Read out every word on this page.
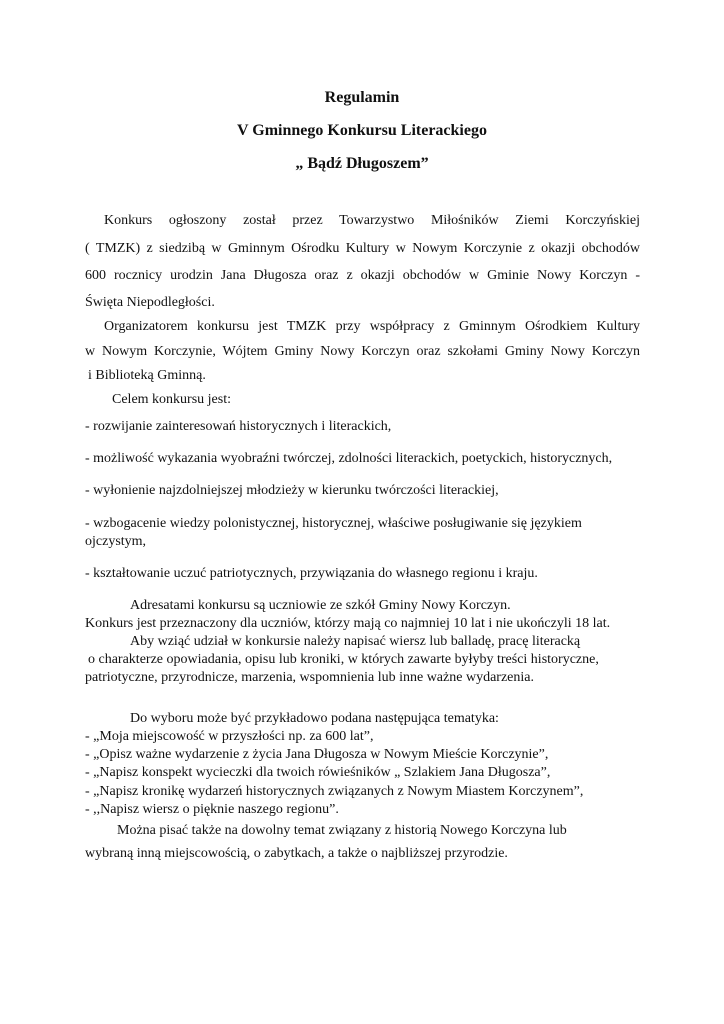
Regulamin
V Gminnego Konkursu Literackiego
„ Bądź Długoszem”
Konkurs ogłoszony został przez Towarzystwo Miłośników Ziemi Korczyńskiej
( TMZK) z siedzibą w Gminnym Ośrodku Kultury w Nowym Korczynie z okazji obchodów
600 rocznicy urodzin Jana Długosza oraz z okazji obchodów w Gminie Nowy Korczyn -
Święta Niepodległości.
Organizatorem konkursu jest TMZK przy współpracy z Gminnym Ośrodkiem Kultury
w Nowym Korczynie, Wójtem Gminy Nowy Korczyn oraz szkołami Gminy Nowy Korczyn
i Biblioteką Gminną.
Celem konkursu jest:
- rozwijanie zainteresowań historycznych i literackich,
- możliwość wykazania wyobraźni twórczej, zdolności literackich, poetyckich, historycznych,
- wyłonienie najzdolniejszej młodzieży w kierunku twórczości literackiej,
- wzbogacenie wiedzy polonistycznej, historycznej, właściwe posługiwanie się językiem
ojczystym,
- kształtowanie uczuć patriotycznych, przywiązania do własnego regionu i kraju.
Adresatami konkursu są uczniowie ze szkół Gminy Nowy Korczyn.
Konkurs jest przeznaczony dla uczniów, którzy mają co najmniej 10 lat i nie ukończyli 18 lat.
Aby wziąć udział w konkursie należy napisać wiersz lub balladę, pracę literacką
o charakterze opowiadania, opisu lub kroniki, w których zawarte byłyby treści historyczne,
patriotyczne, przyrodnicze, marzenia, wspomnienia lub inne ważne wydarzenia.
Do wyboru może być przykładowo podana następująca tematyka:
- „Moja miejscowość w przyszłości np. za 600 lat”,
- „Opisz ważne wydarzenie z życia Jana Długosza w Nowym Mieście Korczynie”,
- „Napisz konspekt wycieczki dla twoich rówieśników „ Szlakiem Jana Długosza”,
- „Napisz kronikę wydarzeń historycznych związanych z Nowym Miastem Korczynem”,
- ,,Napisz wiersz o pięknie naszego regionu”.
Można pisać także na dowolny temat związany z historią Nowego Korczyna lub
wybraną inną miejscowością, o zabytkach, a także o najbliższej przyrodzie.
